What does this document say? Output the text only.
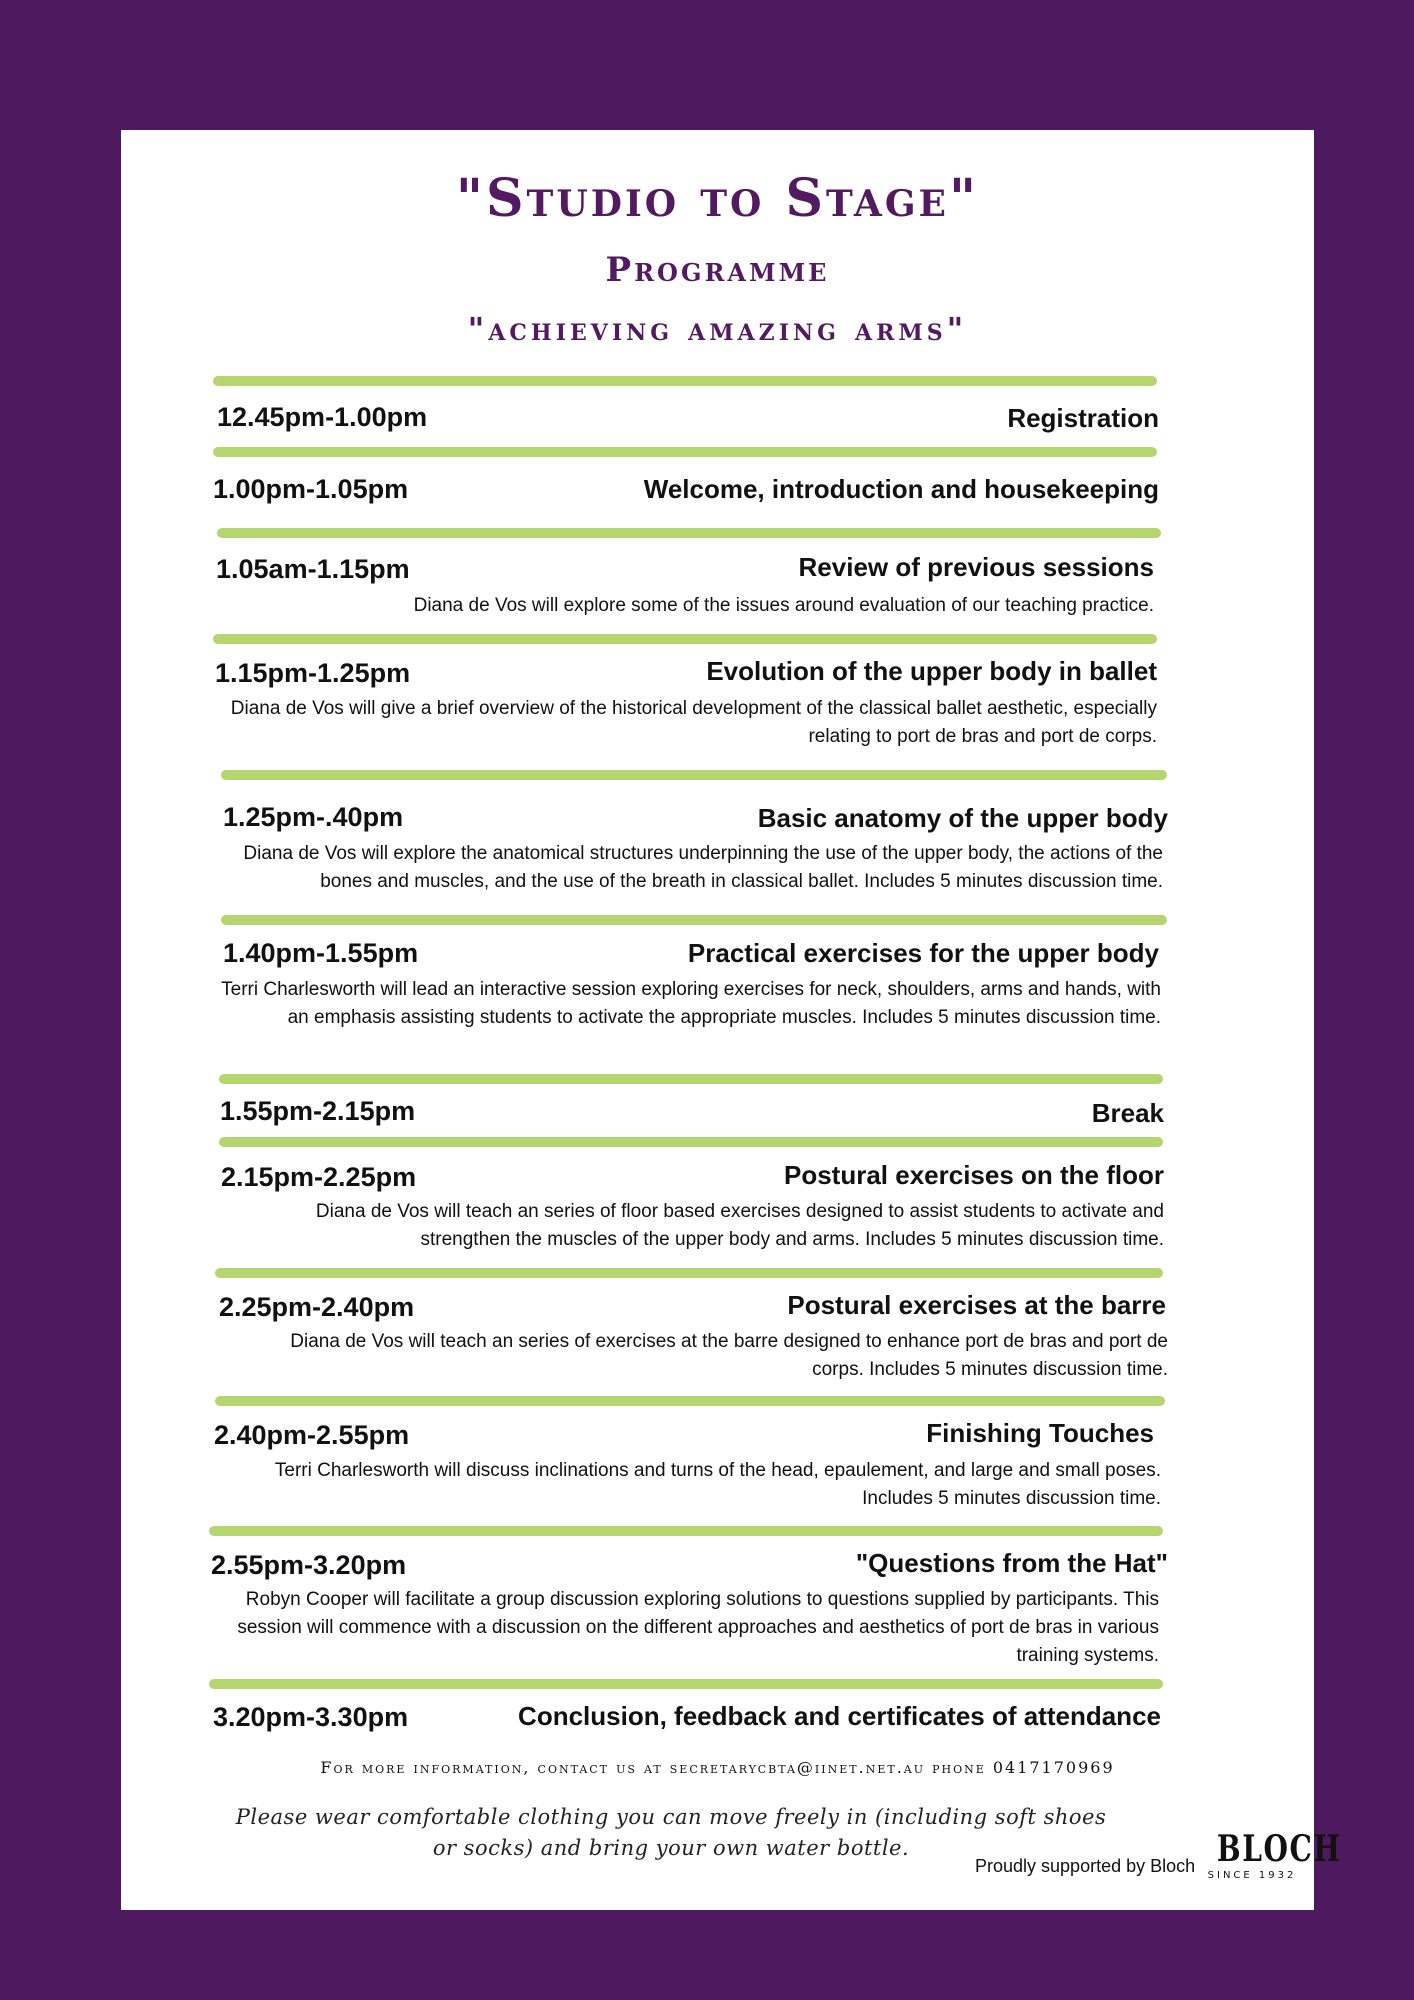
"Studio to Stage"
Programme
"achieving amazing arms"
12.45pm-1.00pm	Registration
1.00pm-1.05pm	Welcome, introduction and housekeeping
1.05am-1.15pm	Review of previous sessions

Diana de Vos will explore some of the issues around evaluation of our teaching practice.

1.15pm-1.25pm	Evolution of the upper body in ballet

Diana de Vos will give a brief overview of the historical development of the classical ballet aesthetic, especially relating to port de bras and port de corps.

1.25pm-.40pm	Basic anatomy of the upper body

Diana de Vos will explore the anatomical structures underpinning the use of the upper body, the actions of the bones and muscles, and the use of the breath in classical ballet. Includes 5 minutes discussion time.

1.40pm-1.55pm	Practical exercises for the upper body

Terri Charlesworth will lead an interactive session exploring exercises for neck, shoulders, arms and hands, with an emphasis assisting students to activate the appropriate muscles. Includes 5 minutes discussion time.

1.55pm-2.15pm	Break
2.15pm-2.25pm	Postural exercises on the floor

Diana de Vos will teach an series of floor based exercises designed to assist students to activate and strengthen the muscles of the upper body and arms. Includes 5 minutes discussion time.

2.25pm-2.40pm	Postural exercises at the barre

Diana de Vos will teach an series of exercises at the barre designed to enhance port de bras and port de corps. Includes 5 minutes discussion time.

2.40pm-2.55pm	Finishing Touches

Terri Charlesworth will discuss inclinations and turns of the head, epaulement, and large and small poses. Includes 5 minutes discussion time.

2.55pm-3.20pm	"Questions from the Hat"

Robyn Cooper will facilitate a group discussion exploring solutions to questions supplied by participants. This session will commence with a discussion on the different approaches and aesthetics of port de bras in various training systems.

3.20pm-3.30pm	Conclusion, feedback and certificates of attendance
For more information, contact us at secretarycbta@iinet.net.au phone 0417170969

Please wear comfortable clothing you can move freely in (including soft shoes or socks) and bring your own water bottle.

Proudly supported by Bloch BLOCH
SINCE 1932
